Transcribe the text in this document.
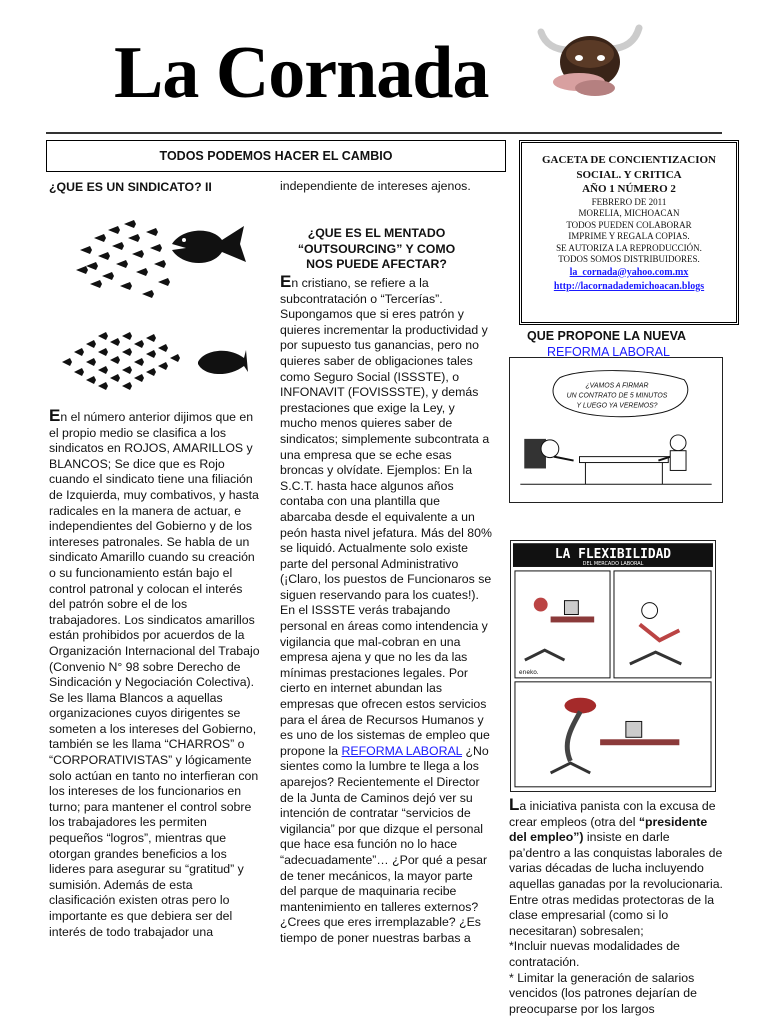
La Cornada
TODOS PODEMOS HACER EL CAMBIO	GACETA DE CONCIENTIZACION
SOCIAL. Y CRITICA
AÑO 1 NÚMERO 2
FEBRERO DE 2011
MORELIA, MICHOACAN
TODOS PUEDEN COLABORAR
IMPRIME Y REGALA COPIAS.
SE AUTORIZA LA REPRODUCCIÓN.
TODOS SOMOS DISTRIBUIDORES.
la_cornada@yahoo.com.mx
http://lacornadademichoacan.blogs
¿QUE ES UN SINDICATO? II
En el número anterior dijimos que en el propio medio se clasifica a los sindicatos en ROJOS, AMARILLOS y BLANCOS; Se dice que es Rojo cuando el sindicato tiene una filiación de Izquierda, muy combativos, y hasta radicales en la manera de actuar, e independientes del Gobierno y de los intereses patronales. Se habla de un sindicato Amarillo cuando su creación o su funcionamiento están bajo el control patronal y colocan el interés del patrón sobre el de los trabajadores. Los sindicatos amarillos están prohibidos por acuerdos de la Organización Internacional del Trabajo (Convenio N° 98 sobre Derecho de Sindicación y Negociación Colectiva). Se les llama Blancos a aquellas organizaciones cuyos dirigentes se someten a los intereses del Gobierno, también se les llama “CHARROS” o “CORPORATIVISTAS” y lógicamente solo actúan en tanto no interfieran con los intereses de los funcionarios en turno; para mantener el control sobre los trabajadores les permiten pequeños “logros”, mientras que otorgan grandes beneficios a los lideres para asegurar su “gratitud” y sumisión. Además de esta clasificación existen otras pero lo importante es que debiera ser del interés de todo trabajador una
independiente de intereses ajenos.
¿QUE ES EL MENTADO “OUTSOURCING” Y COMO NOS PUEDE AFECTAR?
En cristiano, se refiere a la subcontratación o “Tercerías”. Supongamos que si eres patrón y quieres incrementar la productividad y por supuesto tus ganancias, pero no quieres saber de obligaciones tales como Seguro Social (ISSSTE), o INFONAVIT (FOVISSSTE), y demás prestaciones que exige la Ley, y mucho menos quieres saber de sindicatos; simplemente subcontrata a una empresa que se eche esas broncas y olvídate. Ejemplos: En la S.C.T. hasta hace algunos años contaba con una plantilla que abarcaba desde el equivalente a un peón hasta nivel jefatura. Más del 80% se liquidó. Actualmente solo existe parte del personal Administrativo (¡Claro, los puestos de Funcionaros se siguen reservando para los cuates!). En el ISSSTE verás trabajando personal en áreas como intendencia y vigilancia que mal-cobran en una empresa ajena y que no les da las mínimas prestaciones legales. Por cierto en internet abundan las empresas que ofrecen estos servicios para el área de Recursos Humanos y es uno de los sistemas de empleo que propone la REFORMA LABORAL ¿No sientes como la lumbre te llega a los aparejos? Recientemente el Director de la Junta de Caminos dejó ver su intención de contratar “servicios de vigilancia” por que dizque el personal que hace esa función no lo hace “adecuadamente”… ¿Por qué a pesar de tener mecánicos, la mayor parte del parque de maquinaria recibe mantenimiento en talleres externos? ¿Crees que eres irremplazable? ¿Es tiempo de poner nuestras barbas a
QUE PROPONE LA NUEVA
REFORMA LABORAL
¿VAMOS A FIRMAR
UN CONTRATO DE 5 MINUTOS
Y LUEGO YA VEREMOS?
LA FLEXIBILIDAD
DEL MERCADO LABORAL
eneko.
La iniciativa panista con la excusa de crear empleos (otra del “presidente del empleo”) insiste en darle pa’dentro a las conquistas laborales de varias décadas de lucha incluyendo aquellas ganadas por la revolucionaria. Entre otras medidas protectoras de la clase empresarial (como si lo necesitaran) sobresalen;
*Incluir nuevas modalidades de contratación.
* Limitar la generación de salarios vencidos (los patrones dejarían de preocuparse por los largos
